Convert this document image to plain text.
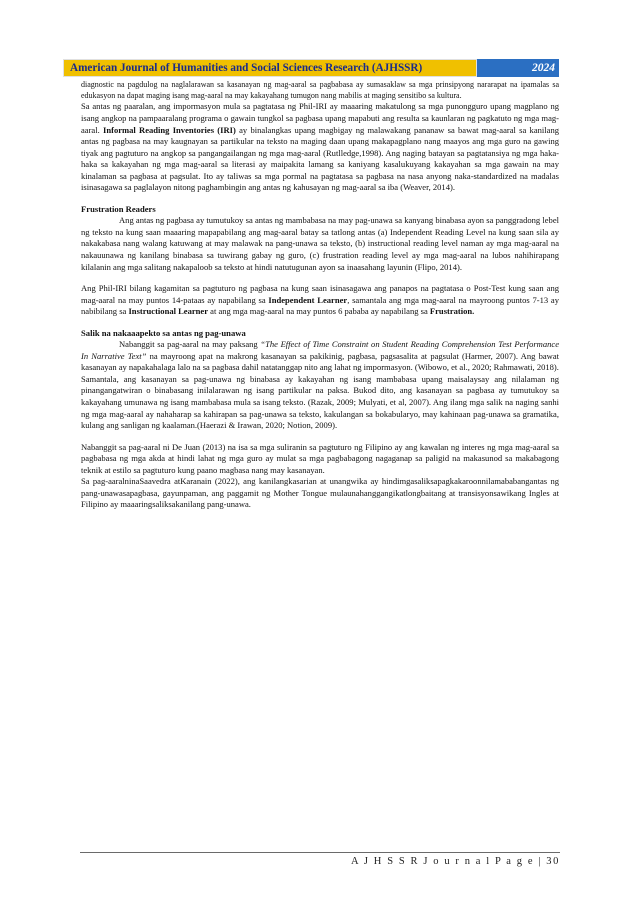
American Journal of Humanities and Social Sciences Research (AJHSSR)	2024

diagnostic na pagdulog na naglalarawan sa kasanayan ng mag-aaral sa pagbabasa ay sumasaklaw sa mga prinsipyong nararapat na ipamalas sa edukasyon na dapat maging isang mag-aaral na may kakayahang tumugon nang mabilis at maging sensitibo sa kultura.

Sa antas ng paaralan, ang impormasyon mula sa pagtatasa ng Phil-IRI ay maaaring makatulong sa mga punongguro upang magplano ng isang angkop na pampaaralang programa o gawain tungkol sa pagbasa upang mapabuti ang resulta sa kaunlaran ng pagkatuto ng mga mag-aaral. Informal Reading Inventories (IRI) ay binalangkas upang magbigay ng malawakang pananaw sa bawat mag-aaral sa kanilang antas ng pagbasa na may kaugnayan sa partikular na teksto na maging daan upang makapagplano nang maayos ang mga guro na gawing tiyak ang pagtuturo na angkop sa pangangailangan ng mga mag-aaral (Rutlledge,1998). Ang naging batayan sa pagtatansiya ng mga haka-haka sa kakayahan ng mga mag-aaral sa literasi ay maipakita lamang sa kaniyang kasalukuyang kakayahan sa mga gawain na may kinalaman sa pagbasa at pagsulat. Ito ay taliwas sa mga pormal na pagtatasa sa pagbasa na nasa anyong naka-standardized na madalas isinasagawa sa paglalayon nitong paghambingin ang antas ng kahusayan ng mag-aaral sa iba (Weaver, 2014).

Frustration Readers

Ang antas ng pagbasa ay tumutukoy sa antas ng mambabasa na may pag-unawa sa kanyang binabasa ayon sa panggradong lebel ng teksto na kung saan maaaring mapapabilang ang mag-aaral batay sa tatlong antas (a) Independent Reading Level na kung saan sila ay nakakabasa nang walang katuwang at may malawak na pang-unawa sa teksto, (b) instructional reading level naman ay mga mag-aaral na nakauunawa ng kanilang binabasa sa tuwirang gabay ng guro, (c) frustration reading level ay mga mag-aaral na lubos nahihirapang kilalanin ang mga salitang nakapaloob sa teksto at hindi natutugunan ayon sa inaasahang layunin (Flipo, 2014).

Ang Phil-IRI bilang kagamitan sa pagtuturo ng pagbasa na kung saan isinasagawa ang panapos na pagtatasa o Post-Test kung saan ang mag-aaral na may puntos 14-pataas ay napabilang sa Independent Learner, samantala ang mga mag-aaral na mayroong puntos 7-13 ay nabibilang sa Instructional Learner at ang mga mag-aaral na may puntos 6 pababa ay napabilang sa Frustration.

Salik na nakaaapekto sa antas ng pag-unawa

Nabanggit sa pag-aaral na may paksang “The Effect of Time Constraint on Student Reading Comprehension Test Performance In Narrative Text” na mayroong apat na makrong kasanayan sa pakikinig, pagbasa, pagsasalita at pagsulat (Harmer, 2007). Ang bawat kasanayan ay napakahalaga lalo na sa pagbasa dahil natatanggap nito ang lahat ng impormasyon. (Wibowo, et al., 2020; Rahmawati, 2018).

Samantala, ang kasanayan sa pag-unawa ng binabasa ay kakayahan ng isang mambabasa upang maisalaysay ang nilalaman ng pinangangatwiran o binabasang inilalarawan ng isang partikular na paksa. Bukod dito, ang kasanayan sa pagbasa ay tumutukoy sa kakayahang umunawa ng isang mambabasa mula sa isang teksto. (Razak, 2009; Mulyati, et al, 2007). Ang ilang mga salik na naging sanhi ng mga mag-aaral ay nahaharap sa kahirapan sa pag-unawa sa teksto, kakulangan sa bokabularyo, may kahinaan pag-unawa sa gramatika, kulang ang sanligan ng kaalaman.(Haerazi & Irawan, 2020; Notion, 2009).

Nabanggit sa pag-aaral ni De Juan (2013) na isa sa mga suliranin sa pagtuturo ng Filipino ay ang kawalan ng interes ng mga mag-aaral sa pagbabasa ng mga akda at hindi lahat ng mga guro ay mulat sa mga pagbabagong nagaganap sa paligid na makasunod sa makabagong teknik at estilo sa pagtuturo kung paano magbasa nang may kasanayan.

Sa pag-aaralninaSaavedra atKaranain (2022), ang kanilangkasarian at unangwika ay hindimgasaliksapagkakaroonnilamababangantas ng pang-unawasapagbasa, gayunpaman, ang paggamit ng Mother Tongue mulaunahanggangikatlongbaitang at transisyonsawikang Ingles at Filipino ay maaaringsaliksakanilang pang-unawa.

A J H S S R J o u r n a l P a g e | 30
